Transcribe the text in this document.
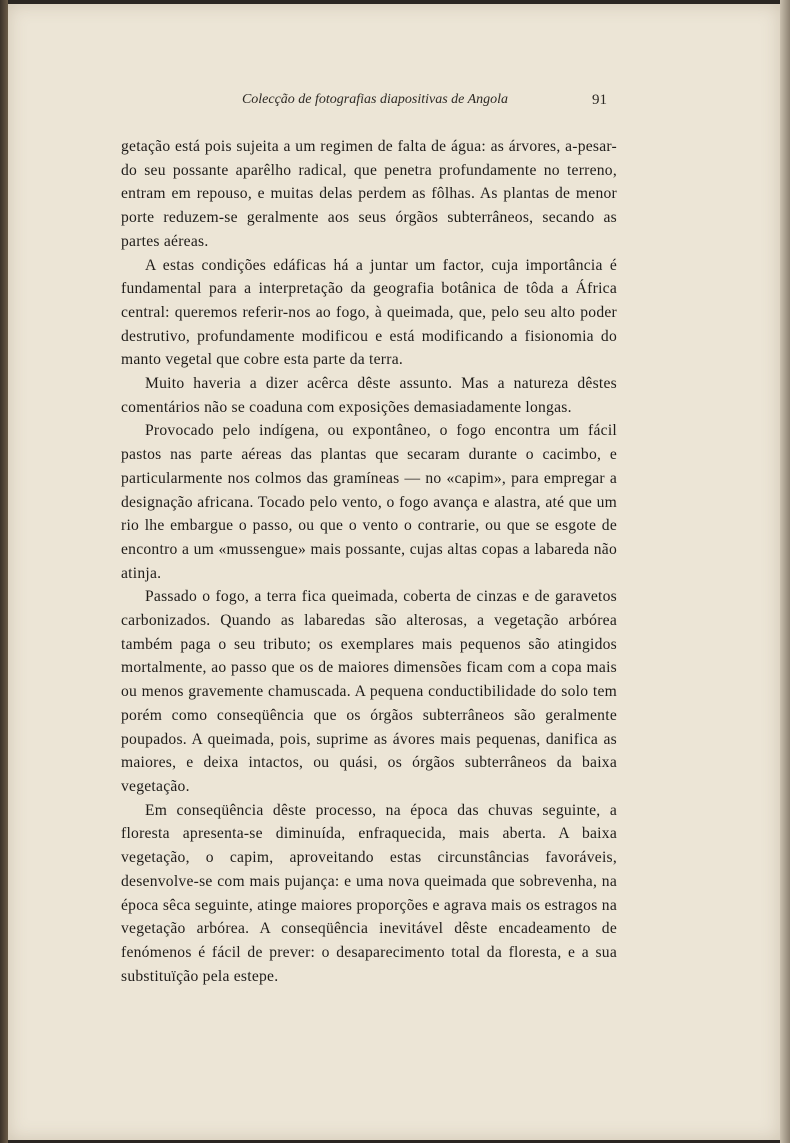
Colecção de fotografias diapositivas de Angola	91

getação está pois sujeita a um regimen de falta de água: as árvores, a-pesar-do seu possante aparêlho radical, que penetra profundamente no terreno, entram em repouso, e muitas delas perdem as fôlhas. As plantas de menor porte reduzem-se geralmente aos seus órgãos subterrâneos, secando as partes aéreas.

A estas condições edáficas há a juntar um factor, cuja importância é fundamental para a interpretação da geografia botânica de tôda a África central: queremos referir-nos ao fogo, à queimada, que, pelo seu alto poder destrutivo, profundamente modificou e está modificando a fisionomia do manto vegetal que cobre esta parte da terra.

Muito haveria a dizer acêrca dêste assunto. Mas a natureza dêstes comentários não se coaduna com exposições demasiadamente longas.

Provocado pelo indígena, ou expontâneo, o fogo encontra um fácil pastos nas parte aéreas das plantas que secaram durante o cacimbo, e particularmente nos colmos das gramíneas — no «capim», para empregar a designação africana. Tocado pelo vento, o fogo avança e alastra, até que um rio lhe embargue o passo, ou que o vento o contrarie, ou que se esgote de encontro a um «mussengue» mais possante, cujas altas copas a labareda não atinja.

Passado o fogo, a terra fica queimada, coberta de cinzas e de garavetos carbonizados. Quando as labaredas são alterosas, a vegetação arbórea também paga o seu tributo; os exemplares mais pequenos são atingidos mortalmente, ao passo que os de maiores dimensões ficam com a copa mais ou menos gravemente chamuscada. A pequena conductibilidade do solo tem porém como conseqüência que os órgãos subterrâneos são geralmente poupados. A queimada, pois, suprime as ávores mais pequenas, danifica as maiores, e deixa intactos, ou quási, os órgãos subterrâneos da baixa vegetação.

Em conseqüência dêste processo, na época das chuvas seguinte, a floresta apresenta-se diminuída, enfraquecida, mais aberta. A baixa vegetação, o capim, aproveitando estas circunstâncias favoráveis, desenvolve-se com mais pujança: e uma nova queimada que sobrevenha, na época sêca seguinte, atinge maiores proporções e agrava mais os estragos na vegetação arbórea. A conseqüência inevitável dêste encadeamento de fenómenos é fácil de prever: o desaparecimento total da floresta, e a sua substituïção pela estepe.
